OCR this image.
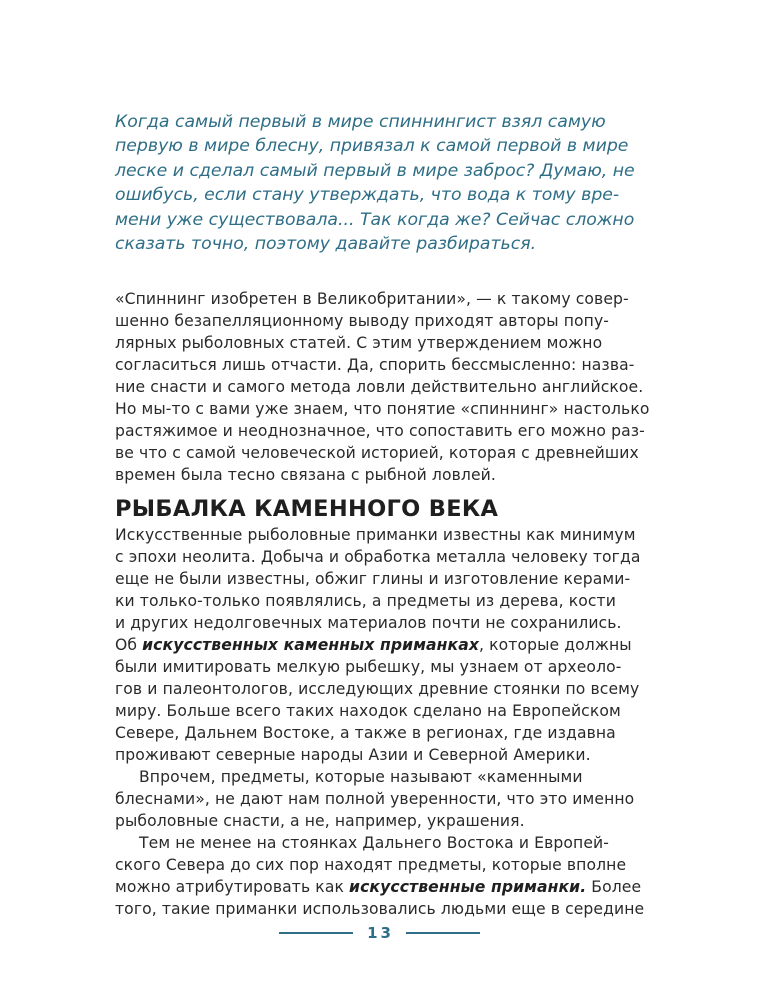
Когда самый первый в мире спиннингист взял самую
первую в мире блесну, привязал к самой первой в мире
леске и сделал самый первый в мире заброс? Думаю, не
ошибусь, если стану утверждать, что вода к тому вре-
мени уже существовала... Так когда же? Сейчас сложно
сказать точно, поэтому давайте разбираться.
«Спиннинг изобретен в Великобритании», — к такому совер-
шенно безапелляционному выводу приходят авторы попу-
лярных рыболовных статей. С этим утверждением можно
согласиться лишь отчасти. Да, спорить бессмысленно: назва-
ние снасти и самого метода ловли действительно английское.
Но мы-то с вами уже знаем, что понятие «спиннинг» настолько
растяжимое и неоднозначное, что сопоставить его можно раз-
ве что с самой человеческой историей, которая с древнейших
времен была тесно связана с рыбной ловлей.
РЫБАЛКА КАМЕННОГО ВЕКА
Искусственные рыболовные приманки известны как минимум
с эпохи неолита. Добыча и обработка металла человеку тогда
еще не были известны, обжиг глины и изготовление керами-
ки только-только появлялись, а предметы из дерева, кости
и других недолговечных материалов почти не сохранились.
Об искусственных каменных приманках, которые должны
были имитировать мелкую рыбешку, мы узнаем от археоло-
гов и палеонтологов, исследующих древние стоянки по всему
миру. Больше всего таких находок сделано на Европейском
Севере, Дальнем Востоке, а также в регионах, где издавна
проживают северные народы Азии и Северной Америки.
Впрочем, предметы, которые называют «каменными
блеснами», не дают нам полной уверенности, что это именно
рыболовные снасти, а не, например, украшения.
Тем не менее на стоянках Дальнего Востока и Европей-
ского Севера до сих пор находят предметы, которые вполне
можно атрибутировать как искусственные приманки. Более
того, такие приманки использовались людьми еще в середине
13
